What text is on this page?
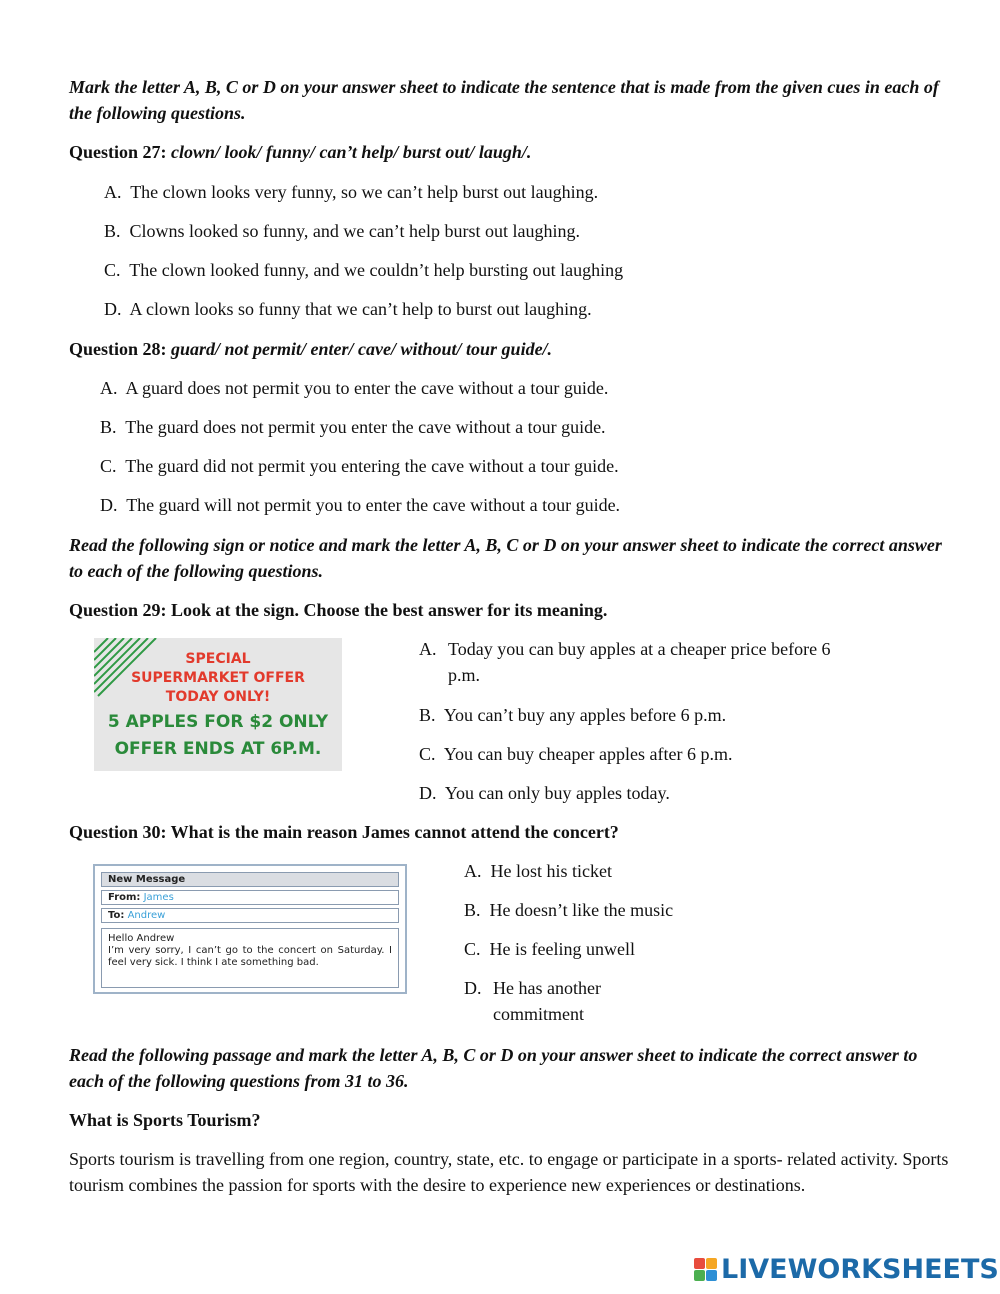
Mark the letter A, B, C or D on your answer sheet to indicate the sentence that is made from the given cues in each of the following questions.
Question 27: clown/ look/ funny/ can’t help/ burst out/ laugh/.
A. The clown looks very funny, so we can’t help burst out laughing.
B. Clowns looked so funny, and we can’t help burst out laughing.
C. The clown looked funny, and we couldn’t help bursting out laughing
D. A clown looks so funny that we can’t help to burst out laughing.
Question 28: guard/ not permit/ enter/ cave/ without/ tour guide/.
A. A guard does not permit you to enter the cave without a tour guide.
B. The guard does not permit you enter the cave without a tour guide.
C. The guard did not permit you entering the cave without a tour guide.
D. The guard will not permit you to enter the cave without a tour guide.
Read the following sign or notice and mark the letter A, B, C or D on your answer sheet to indicate the correct answer to each of the following questions.
Question 29: Look at the sign. Choose the best answer for its meaning.
SPECIAL
SUPERMARKET OFFER
TODAY ONLY!
5 APPLES FOR $2 ONLY
OFFER ENDS AT 6P.M.
A. Today you can buy apples at a cheaper price before 6
p.m.
B. You can’t buy any apples before 6 p.m.
C. You can buy cheaper apples after 6 p.m.
D. You can only buy apples today.
Question 30: What is the main reason James cannot attend the concert?
New Message
From: James
To: Andrew
Hello Andrew
I’m very sorry, I can’t go to the concert on Saturday. I feel very sick. I think I ate something bad.
A. He lost his ticket
B. He doesn’t like the music
C. He is feeling unwell
D. He has another
commitment
Read the following passage and mark the letter A, B, C or D on your answer sheet to indicate the correct answer to each of the following questions from 31 to 36.
What is Sports Tourism?
Sports tourism is travelling from one region, country, state, etc. to engage or participate in a sports- related activity. Sports tourism combines the passion for sports with the desire to experience new experiences or destinations.
LIVEWORKSHEETS
